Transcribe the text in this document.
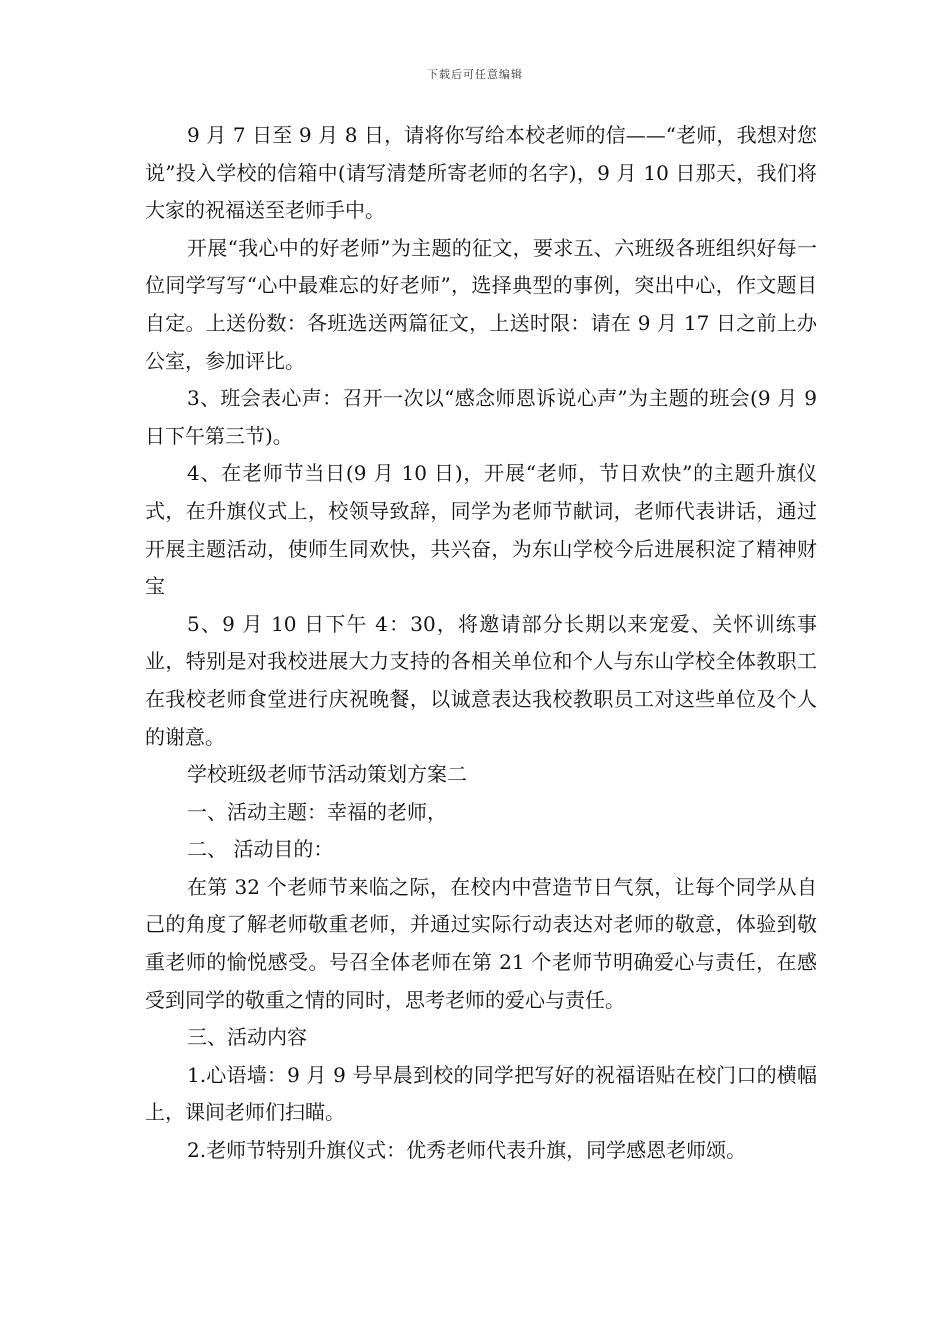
下载后可任意编辑

9 月 7 日至 9 月 8 日，请将你写给本校老师的信——“老师，我想对您说”投入学校的信箱中(请写清楚所寄老师的名字)，9 月 10 日那天，我们将大家的祝福送至老师手中。

开展“我心中的好老师”为主题的征文，要求五、六班级各班组织好每一位同学写写“心中最难忘的好老师”，选择典型的事例，突出中心，作文题目自定。上送份数：各班选送两篇征文，上送时限：请在 9 月 17 日之前上办公室，参加评比。

3、班会表心声：召开一次以“感念师恩诉说心声”为主题的班会(9 月 9 日下午第三节)。

4、在老师节当日(9 月 10 日)，开展“老师，节日欢快”的主题升旗仪式，在升旗仪式上，校领导致辞，同学为老师节献词，老师代表讲话，通过开展主题活动，使师生同欢快，共兴奋，为东山学校今后进展积淀了精神财宝

5、9 月 10 日下午 4：30，将邀请部分长期以来宠爱、关怀训练事业，特别是对我校进展大力支持的各相关单位和个人与东山学校全体教职工在我校老师食堂进行庆祝晚餐，以诚意表达我校教职员工对这些单位及个人的谢意。

学校班级老师节活动策划方案二

一、活动主题：幸福的老师，

二、 活动目的：

在第 32 个老师节来临之际，在校内中营造节日气氛，让每个同学从自己的角度了解老师敬重老师，并通过实际行动表达对老师的敬意，体验到敬重老师的愉悦感受。号召全体老师在第 21 个老师节明确爱心与责任，在感受到同学的敬重之情的同时，思考老师的爱心与责任。

三、活动内容

1.心语墙：9 月 9 号早晨到校的同学把写好的祝福语贴在校门口的横幅上，课间老师们扫瞄。

2.老师节特别升旗仪式：优秀老师代表升旗，同学感恩老师颂。
